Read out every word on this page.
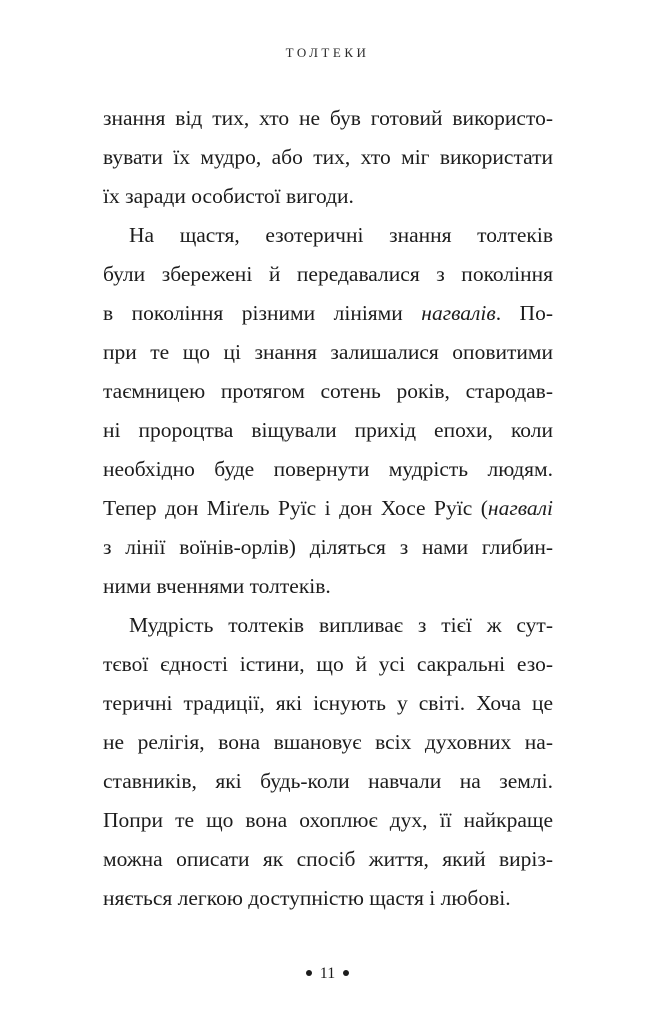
ТОЛТЕКИ
знання від тих, хто не був готовий використо-
вувати їх мудро, або тих, хто міг використати
їх заради особистої вигоди.
На щастя, езотеричні знання толтеків
були збережені й передавалися з покоління
в покоління різними лініями нагвалів. По-
при те що ці знання залишалися оповитими
таємницею протягом сотень років, стародав-
ні пророцтва віщували прихід епохи, коли
необхідно буде повернути мудрість людям.
Тепер дон Міґель Руїс і дон Хосе Руїс (нагвалі
з лінії воїнів-орлів) діляться з нами глибин-
ними вченнями толтеків.
Мудрість толтеків випливає з тієї ж сут-
тєвої єдності істини, що й усі сакральні езо-
теричні традиції, які існують у світі. Хоча це
не релігія, вона вшановує всіх духовних на-
ставників, які будь-коли навчали на землі.
Попри те що вона охоплює дух, її найкраще
можна описати як спосіб життя, який виріз-
няється легкою доступністю щастя і любові.
11
